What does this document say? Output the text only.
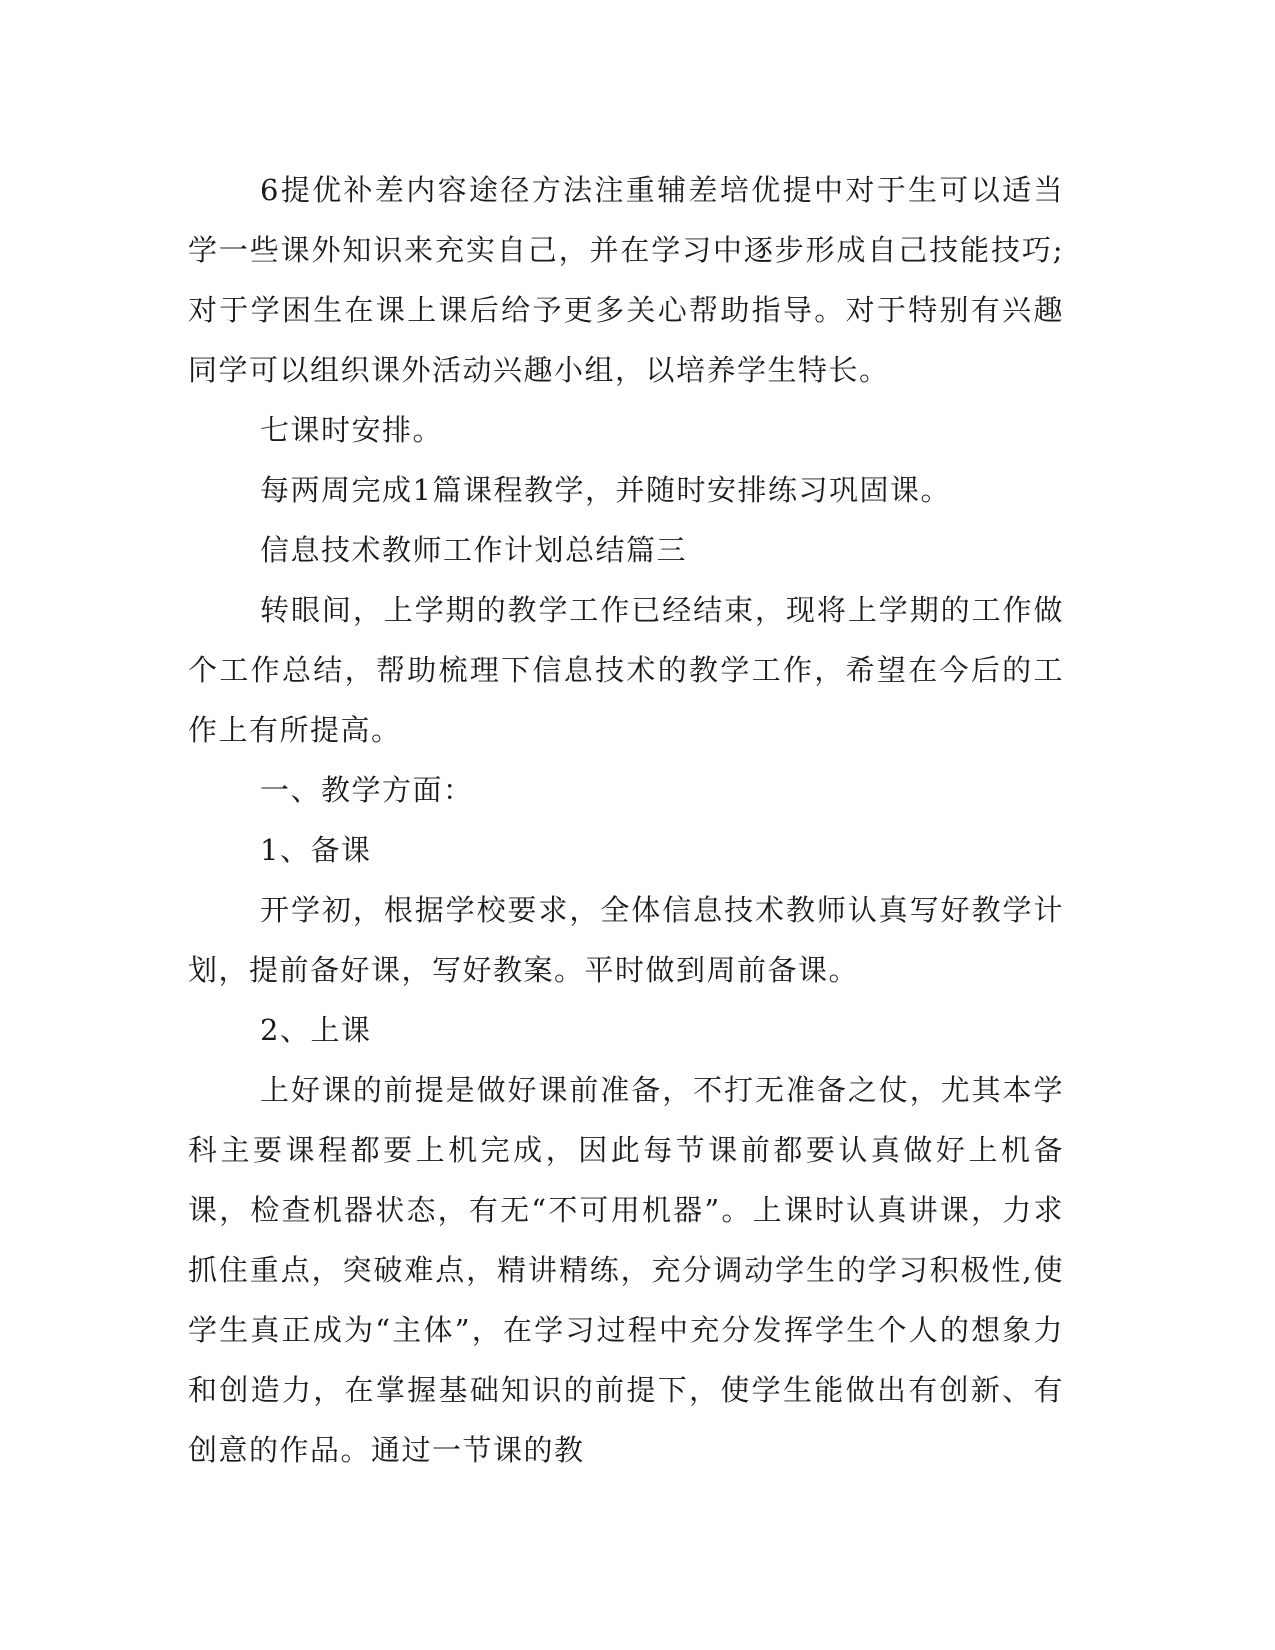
6提优补差内容途径方法注重辅差培优提中对于生可以适当学一些课外知识来充实自己，并在学习中逐步形成自己技能技巧;对于学困生在课上课后给予更多关心帮助指导。对于特别有兴趣同学可以组织课外活动兴趣小组，以培养学生特长。

七课时安排。

每两周完成1篇课程教学，并随时安排练习巩固课。

信息技术教师工作计划总结篇三

转眼间，上学期的教学工作已经结束，现将上学期的工作做个工作总结，帮助梳理下信息技术的教学工作，希望在今后的工作上有所提高。

一、教学方面：

1、备课

开学初，根据学校要求，全体信息技术教师认真写好教学计划，提前备好课，写好教案。平时做到周前备课。

2、上课

上好课的前提是做好课前准备，不打无准备之仗，尤其本学科主要课程都要上机完成，因此每节课前都要认真做好上机备课，检查机器状态，有无“不可用机器”。上课时认真讲课，力求抓住重点，突破难点，精讲精练，充分调动学生的学习积极性,使学生真正成为“主体”，在学习过程中充分发挥学生个人的想象力和创造力，在掌握基础知识的前提下，使学生能做出有创新、有创意的作品。通过一节课的教
